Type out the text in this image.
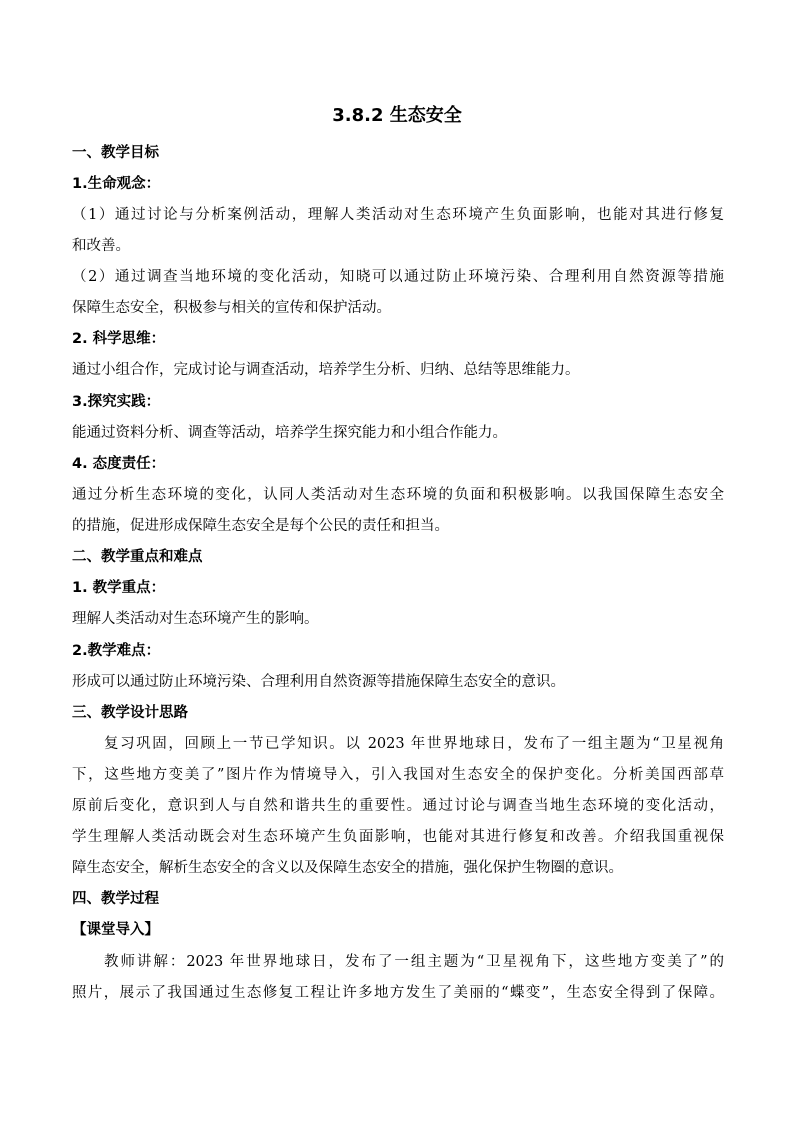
3.8.2 生态安全
一、教学目标
1.生命观念：
（1）通过讨论与分析案例活动，理解人类活动对生态环境产生负面影响，也能对其进行修复
和改善。
（2）通过调查当地环境的变化活动，知晓可以通过防止环境污染、合理利用自然资源等措施
保障生态安全，积极参与相关的宣传和保护活动。
2. 科学思维：
通过小组合作，完成讨论与调查活动，培养学生分析、归纳、总结等思维能力。
3.探究实践：
能通过资料分析、调查等活动，培养学生探究能力和小组合作能力。
4. 态度责任：
通过分析生态环境的变化，认同人类活动对生态环境的负面和积极影响。以我国保障生态安全
的措施，促进形成保障生态安全是每个公民的责任和担当。
二、教学重点和难点
1. 教学重点：
理解人类活动对生态环境产生的影响。
2.教学难点：
形成可以通过防止环境污染、合理利用自然资源等措施保障生态安全的意识。
三、教学设计思路
复习巩固，回顾上一节已学知识。以 2023 年世界地球日，发布了一组主题为“卫星视角
下，这些地方变美了”图片作为情境导入，引入我国对生态安全的保护变化。分析美国西部草
原前后变化，意识到人与自然和谐共生的重要性。通过讨论与调查当地生态环境的变化活动，
学生理解人类活动既会对生态环境产生负面影响，也能对其进行修复和改善。介绍我国重视保
障生态安全，解析生态安全的含义以及保障生态安全的措施，强化保护生物圈的意识。
四、教学过程
【课堂导入】
教师讲解：2023 年世界地球日，发布了一组主题为“卫星视角下，这些地方变美了”的
照片，展示了我国通过生态修复工程让许多地方发生了美丽的“蝶变”，生态安全得到了保障。
